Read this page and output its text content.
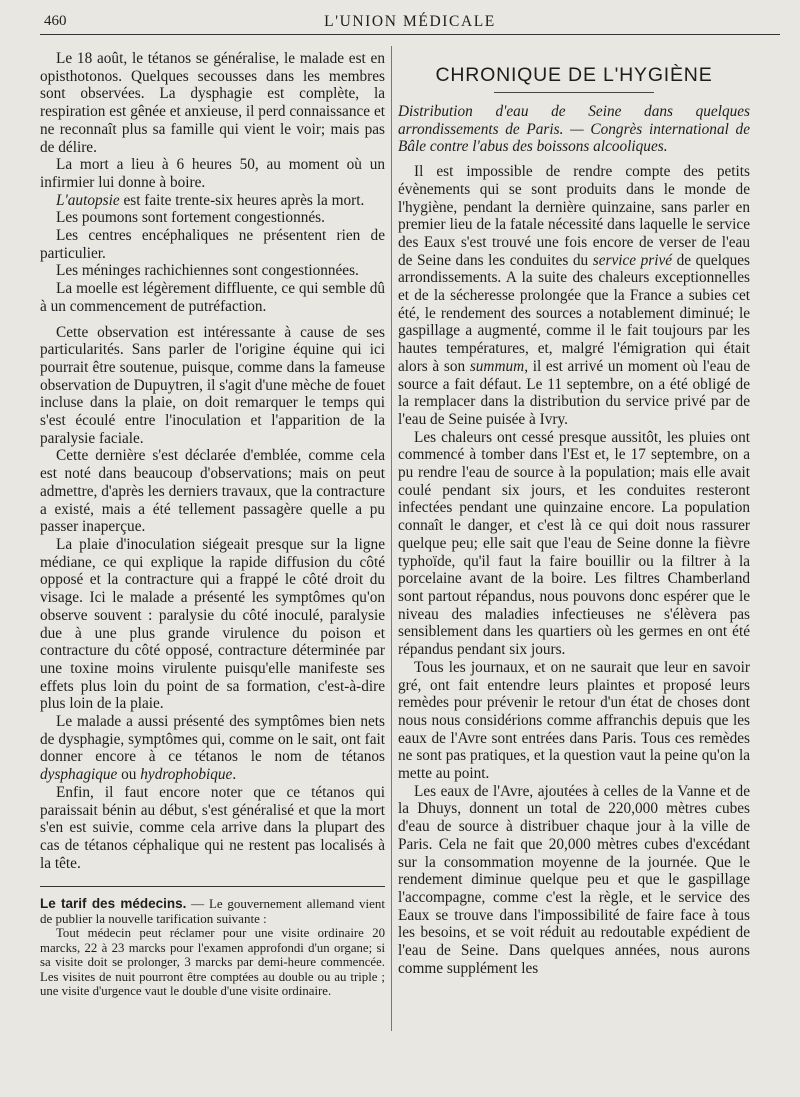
460	L'UNION MÉDICALE

Le 18 août, le tétanos se généralise, le malade est en opisthotonos. Quelques secousses dans les membres sont observées. La dysphagie est complète, la respiration est gênée et anxieuse, il perd connaissance et ne reconnaît plus sa famille qui vient le voir; mais pas de délire.

La mort a lieu à 6 heures 50, au moment où un infirmier lui donne à boire.

L'autopsie est faite trente-six heures après la mort.

Les poumons sont fortement congestionnés.

Les centres encéphaliques ne présentent rien de particulier.

Les méninges rachichiennes sont congestionnées.

La moelle est légèrement diffluente, ce qui semble dû à un commencement de putréfaction.

Cette observation est intéressante à cause de ses particularités. Sans parler de l'origine équine qui ici pourrait être soutenue, puisque, comme dans la fameuse observation de Dupuytren, il s'agit d'une mèche de fouet incluse dans la plaie, on doit remarquer le temps qui s'est écoulé entre l'inoculation et l'apparition de la paralysie faciale.

Cette dernière s'est déclarée d'emblée, comme cela est noté dans beaucoup d'observations; mais on peut admettre, d'après les derniers travaux, que la contracture a existé, mais a été tellement passagère quelle a pu passer inaperçue.

La plaie d'inoculation siégeait presque sur la ligne médiane, ce qui explique la rapide diffusion du côté opposé et la contracture qui a frappé le côté droit du visage. Ici le malade a présenté les symptômes qu'on observe souvent : paralysie du côté inoculé, paralysie due à une plus grande virulence du poison et contracture du côté opposé, contracture déterminée par une toxine moins virulente puisqu'elle manifeste ses effets plus loin du point de sa formation, c'est-à-dire plus loin de la plaie.

Le malade a aussi présenté des symptômes bien nets de dysphagie, symptômes qui, comme on le sait, ont fait donner encore à ce tétanos le nom de tétanos dysphagique ou hydrophobique.

Enfin, il faut encore noter que ce tétanos qui paraissait bénin au début, s'est généralisé et que la mort s'en est suivie, comme cela arrive dans la plupart des cas de tétanos céphalique qui ne restent pas localisés à la tête.

Le tarif des médecins. — Le gouvernement allemand vient de publier la nouvelle tarification suivante :

Tout médecin peut réclamer pour une visite ordinaire 20 marcks, 22 à 23 marcks pour l'examen approfondi d'un organe; si sa visite doit se prolonger, 3 marcks par demi-heure commencée. Les visites de nuit pourront être comptées au double ou au triple ; une visite d'urgence vaut le double d'une visite ordinaire.

CHRONIQUE DE L'HYGIÈNE

Distribution d'eau de Seine dans quelques arrondissements de Paris. — Congrès international de Bâle contre l'abus des boissons alcooliques.

Il est impossible de rendre compte des petits évènements qui se sont produits dans le monde de l'hygiène, pendant la dernière quinzaine, sans parler en premier lieu de la fatale nécessité dans laquelle le service des Eaux s'est trouvé une fois encore de verser de l'eau de Seine dans les conduites du service privé de quelques arrondissements. A la suite des chaleurs exceptionnelles et de la sécheresse prolongée que la France a subies cet été, le rendement des sources a notablement diminué; le gaspillage a augmenté, comme il le fait toujours par les hautes températures, et, malgré l'émigration qui était alors à son summum, il est arrivé un moment où l'eau de source a fait défaut. Le 11 septembre, on a été obligé de la remplacer dans la distribution du service privé par de l'eau de Seine puisée à Ivry.

Les chaleurs ont cessé presque aussitôt, les pluies ont commencé à tomber dans l'Est et, le 17 septembre, on a pu rendre l'eau de source à la population; mais elle avait coulé pendant six jours, et les conduites resteront infectées pendant une quinzaine encore. La population connaît le danger, et c'est là ce qui doit nous rassurer quelque peu; elle sait que l'eau de Seine donne la fièvre typhoïde, qu'il faut la faire bouillir ou la filtrer à la porcelaine avant de la boire. Les filtres Chamberland sont partout répandus, nous pouvons donc espérer que le niveau des maladies infectieuses ne s'élèvera pas sensiblement dans les quartiers où les germes en ont été répandus pendant six jours.

Tous les journaux, et on ne saurait que leur en savoir gré, ont fait entendre leurs plaintes et proposé leurs remèdes pour prévenir le retour d'un état de choses dont nous nous considérions comme affranchis depuis que les eaux de l'Avre sont entrées dans Paris. Tous ces remèdes ne sont pas pratiques, et la question vaut la peine qu'on la mette au point.

Les eaux de l'Avre, ajoutées à celles de la Vanne et de la Dhuys, donnent un total de 220,000 mètres cubes d'eau de source à distribuer chaque jour à la ville de Paris. Cela ne fait que 20,000 mètres cubes d'excédant sur la consommation moyenne de la journée. Que le rendement diminue quelque peu et que le gaspillage l'accompagne, comme c'est la règle, et le service des Eaux se trouve dans l'impossibilité de faire face à tous les besoins, et se voit réduit au redoutable expédient de l'eau de Seine. Dans quelques années, nous aurons comme supplément les
